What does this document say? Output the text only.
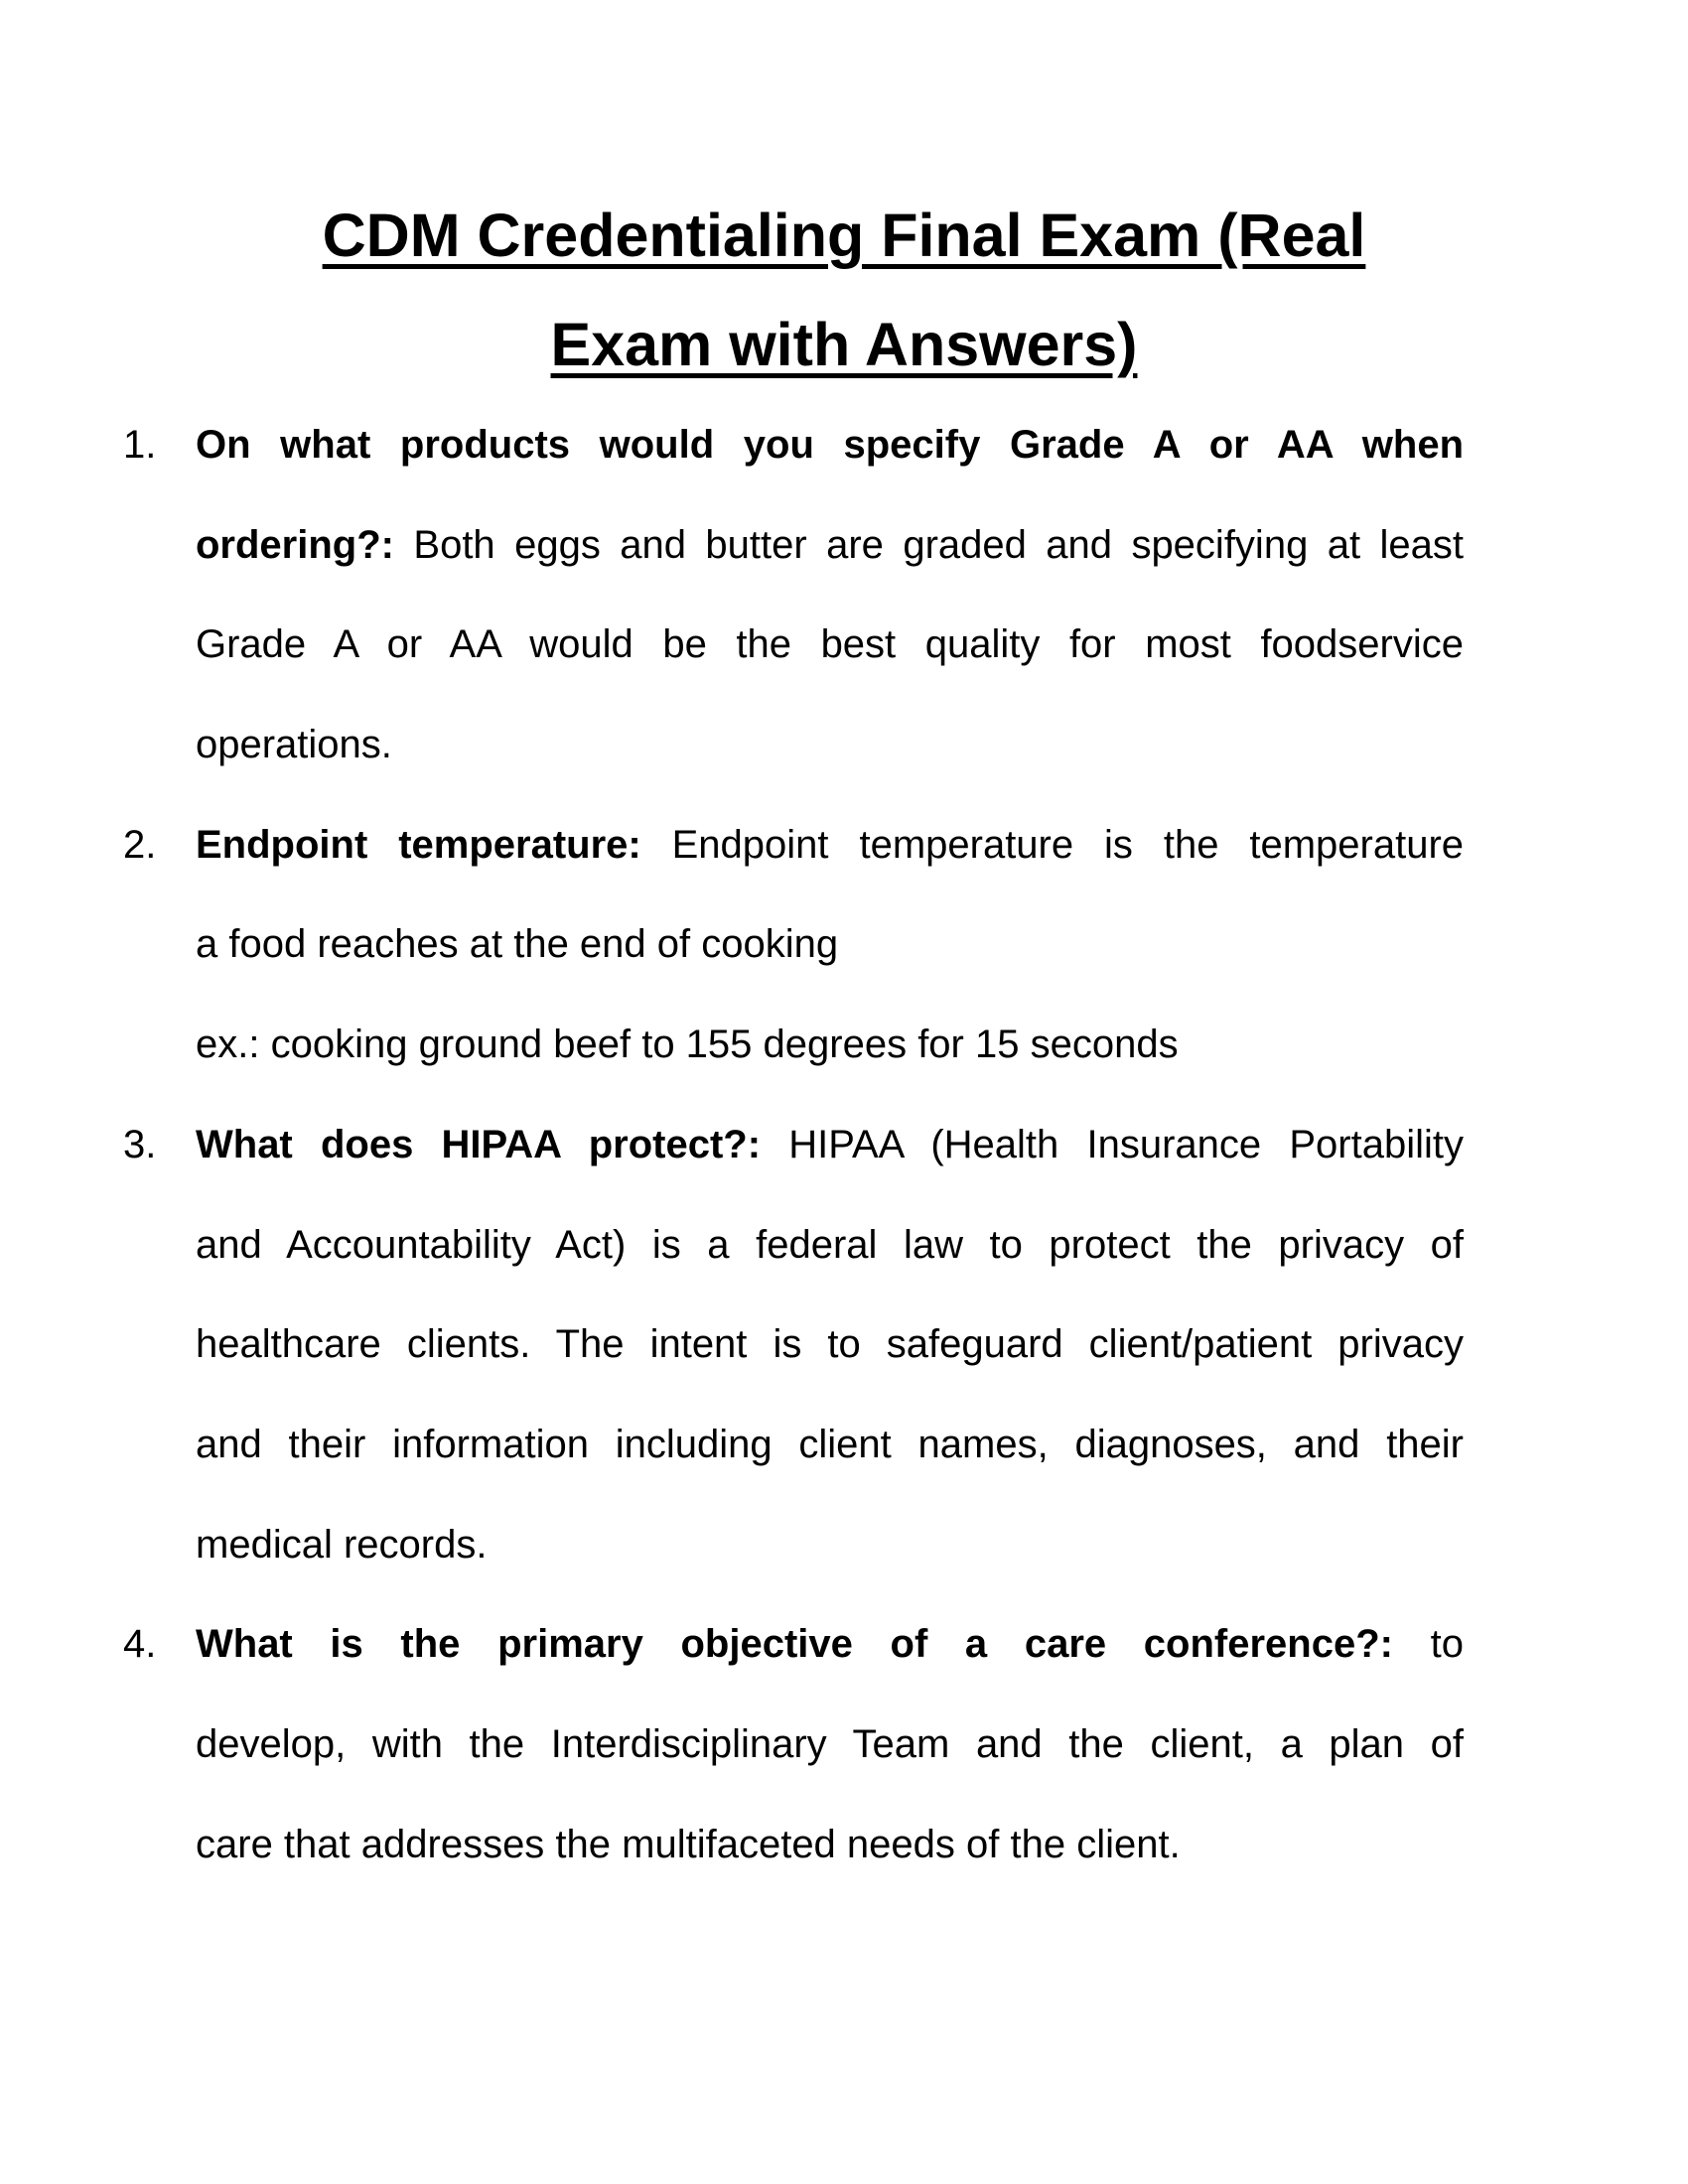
CDM Credentialing Final Exam (Real
Exam with Answers)
1. On what products would you specify Grade A or AA when
ordering?: Both eggs and butter are graded and specifying at least
Grade A or AA would be the best quality for most foodservice
operations.
2. Endpoint temperature: Endpoint temperature is the temperature
a food reaches at the end of cooking
ex.: cooking ground beef to 155 degrees for 15 seconds
3. What does HIPAA protect?: HIPAA (Health Insurance Portability
and Accountability Act) is a federal law to protect the privacy of
healthcare clients. The intent is to safeguard client/patient privacy
and their information including client names, diagnoses, and their
medical records.
4. What is the primary objective of a care conference?: to
develop, with the Interdisciplinary Team and the client, a plan of
care that addresses the multifaceted needs of the client.
